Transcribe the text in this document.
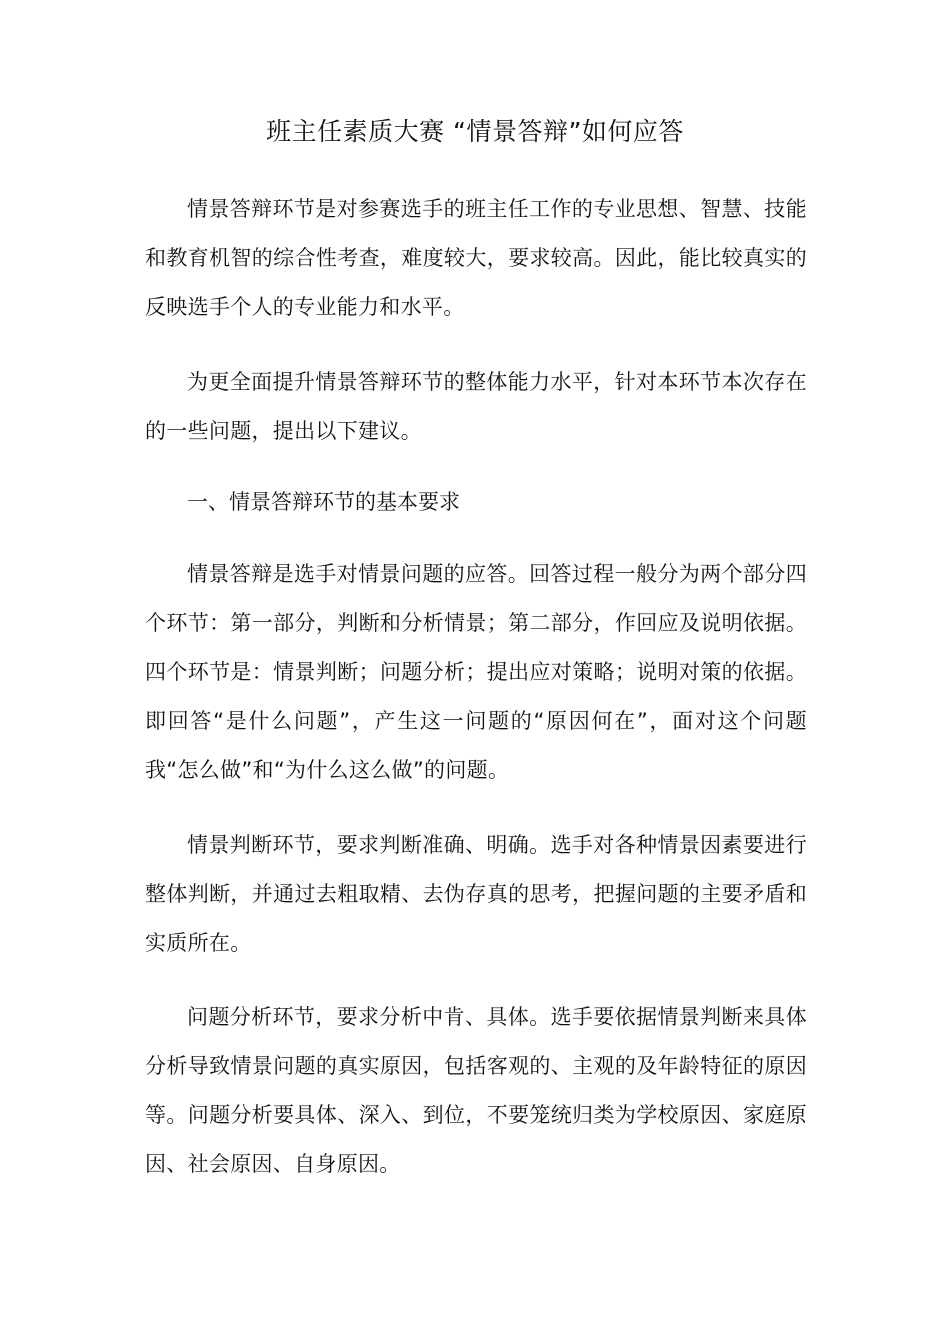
班主任素质大赛 “情景答辩”如何应答

情景答辩环节是对参赛选手的班主任工作的专业思想、智慧、技能和教育机智的综合性考查，难度较大，要求较高。因此，能比较真实的反映选手个人的专业能力和水平。

为更全面提升情景答辩环节的整体能力水平，针对本环节本次存在的一些问题，提出以下建议。

一、情景答辩环节的基本要求

情景答辩是选手对情景问题的应答。回答过程一般分为两个部分四个环节：第一部分，判断和分析情景；第二部分，作回应及说明依据。四个环节是：情景判断；问题分析；提出应对策略；说明对策的依据。即回答“是什么问题”，产生这一问题的“原因何在”，面对这个问题我“怎么做”和“为什么这么做”的问题。

情景判断环节，要求判断准确、明确。选手对各种情景因素要进行整体判断，并通过去粗取精、去伪存真的思考，把握问题的主要矛盾和实质所在。

问题分析环节，要求分析中肯、具体。选手要依据情景判断来具体分析导致情景问题的真实原因，包括客观的、主观的及年龄特征的原因等。问题分析要具体、深入、到位，不要笼统归类为学校原因、家庭原因、社会原因、自身原因。
